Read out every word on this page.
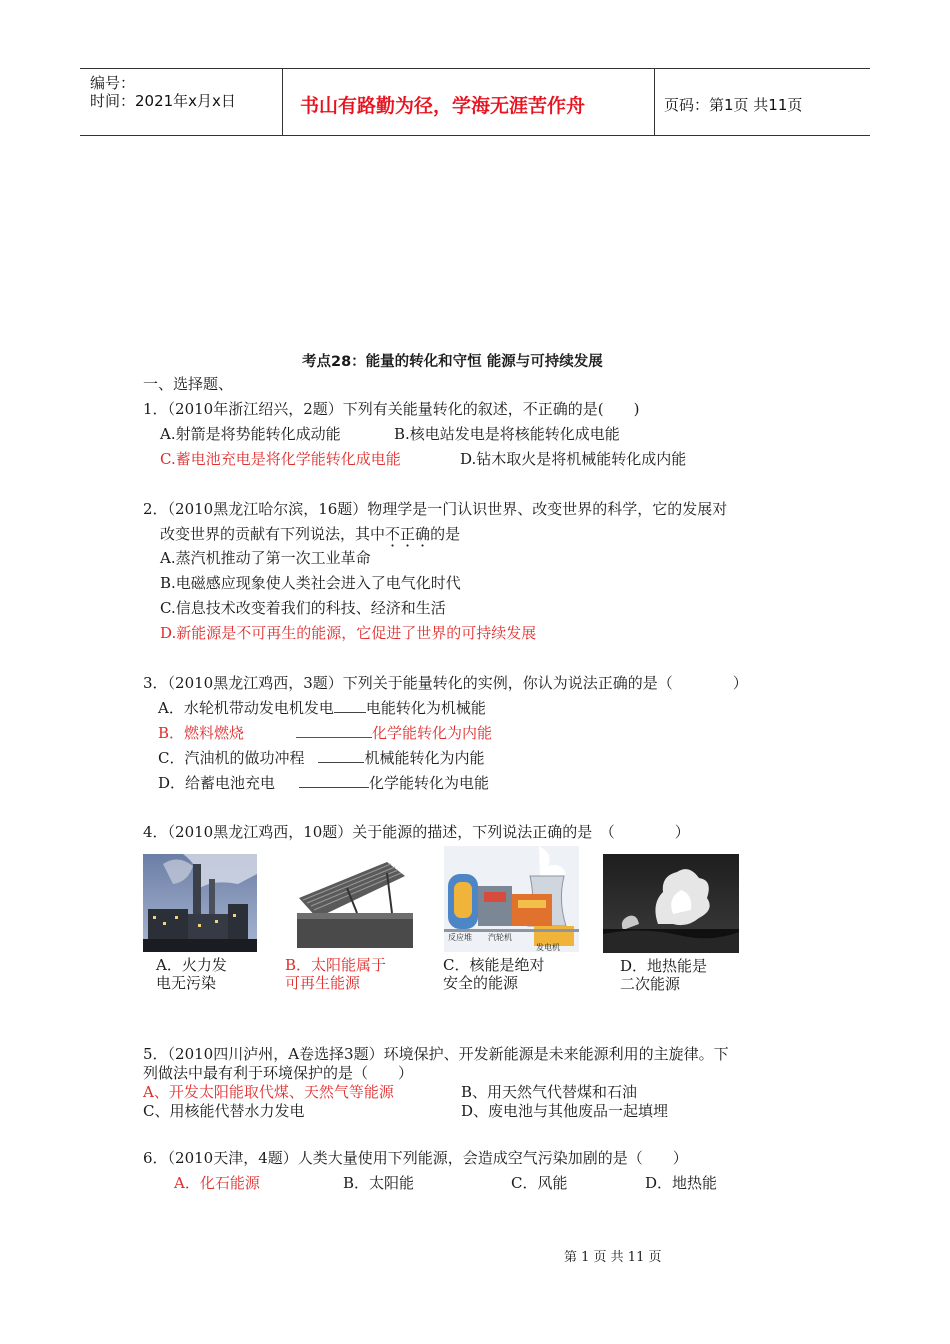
编号：
时间：2021年x月x日	书山有路勤为径，学海无涯苦作舟	页码：第1页 共11页
考点28：能量的转化和守恒 能源与可持续发展
一、选择题、
1．（2010年浙江绍兴，2题）下列有关能量转化的叙述，不正确的是(　　)
A.射箭是将势能转化成动能	B.核电站发电是将核能转化成电能
C.蓄电池充电是将化学能转化成电能	D.钻木取火是将机械能转化成内能
2．（2010黑龙江哈尔滨，16题）物理学是一门认识世界、改变世界的科学，它的发展对
改变世界的贡献有下列说法，其中不正确的是
A.蒸汽机推动了第一次工业革命
B.电磁感应现象使人类社会进入了电气化时代
C.信息技术改变着我们的科技、经济和生活
D.新能源是不可再生的能源，它促进了世界的可持续发展
3．（2010黑龙江鸡西，3题）下列关于能量转化的实例，你认为说法正确的是（　　　　）
A．水轮机带动发电机发电 电能转化为机械能
B．燃料燃烧	化学能转化为内能
C．汽油机的做功冲程	机械能转化为内能
D．给蓄电池充电	化学能转化为电能
4．（2010黑龙江鸡西，10题）关于能源的描述，下列说法正确的是　（　　　　）
反应堆 汽轮机
发电机
A．火力发
电无污染
B．太阳能属于
可再生能源
C．核能是绝对
安全的能源
D．地热能是
二次能源
5．（2010四川泸州，A卷选择3题）环境保护、开发新能源是未来能源利用的主旋律。下
列做法中最有利于环境保护的是（　　）
A、开发太阳能取代煤、天然气等能源	B、用天然气代替煤和石油
C、用核能代替水力发电	D、废电池与其他废品一起填埋
6．（2010天津，4题）人类大量使用下列能源，会造成空气污染加剧的是（　　）
A．化石能源	B．太阳能	C．风能	D．地热能
第 1 页 共 11 页
